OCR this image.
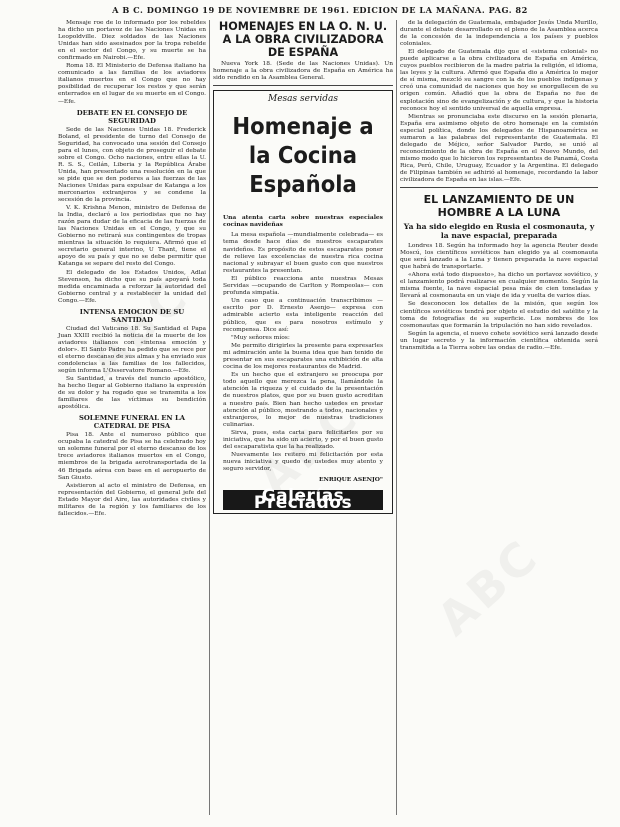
A B C. DOMINGO 19 DE NOVIEMBRE DE 1961. EDICION DE LA MAÑANA. PAG. 82

Mensaje roe de lo informado por los rebeldes ha dicho un portavoz de las Naciones Unidas en Leopoldville. Diez soldados de las Naciones Unidas han sido asesinados por la tropa rebelde en el sector del Congo, y su muerte se ha confirmado en Nairobi.—Efe.

Roma 18. El Ministerio de Defensa italiano ha comunicado a las familias de los aviadores italianos muertos en el Congo que no hay posibilidad de recuperar los restos y que serán enterrados en el lugar de su muerte en el Congo.—Efe.

DEBATE EN EL CONSEJO DE SEGURIDAD

Sede de las Naciones Unidas 18. Frederick Boland, el presidente de turno del Consejo de Seguridad, ha convocado una sesión del Consejo para el lunes, con objeto de proseguir el debate sobre el Congo. Ocho naciones, entre ellas la U. R. S. S., Ceilán, Liberia y la República Árabe Unida, han presentado una resolución en la que se pide que se den poderes a las fuerzas de las Naciones Unidas para expulsar de Katanga a los mercenarios extranjeros y se condene la secesión de la provincia.

V. K. Krishna Menon, ministro de Defensa de la India, declaró a los periodistas que no hay razón para dudar de la eficacia de las fuerzas de las Naciones Unidas en el Congo, y que su Gobierno no retirará sus contingentes de tropas mientras la situación lo requiera. Afirmó que el secretario general interino, U Thant, tiene el apoyo de su país y que no se debe permitir que Katanga se separe del resto del Congo.

El delegado de los Estados Unidos, Adlai Stevenson, ha dicho que su país apoyará toda medida encaminada a reforzar la autoridad del Gobierno central y a restablecer la unidad del Congo.—Efe.

INTENSA EMOCION DE SU SANTIDAD

Ciudad del Vaticano 18. Su Santidad el Papa Juan XXIII recibió la noticia de la muerte de los aviadores italianos con «intensa emoción y dolor». El Santo Padre ha pedido que se rece por el eterno descanso de sus almas y ha enviado sus condolencias a las familias de los fallecidos, según informa L'Osservatore Romano.—Efe.

Su Santidad, a través del nuncio apostólico, ha hecho llegar al Gobierno italiano la expresión de su dolor y ha rogado que se transmita a los familiares de las víctimas su bendición apostólica.

SOLEMNE FUNERAL EN LA CATEDRAL DE PISA

Pisa 18. Ante el numeroso público que ocupaba la catedral de Pisa se ha celebrado hoy un solemne funeral por el eterno descanso de los trece aviadores italianos muertos en el Congo, miembros de la brigada aerotransportada de la 46 Brigada aérea con base en el aeropuerto de San Giusto.

Asistieron al acto el ministro de Defensa, en representación del Gobierno, el general jefe del Estado Mayor del Aire, las autoridades civiles y militares de la región y los familiares de los fallecidos.—Efe.

HOMENAJES EN LA O. N. U. A LA OBRA CIVILIZADORA DE ESPAÑA

Nueva York 18. (Sede de las Naciones Unidas). Un homenaje a la obra civilizadora de España en América ha sido rendido en la Asamblea General.

Mesas servidas
Homenaje a la Cocina Española

Una atenta carta sobre nuestras especiales cocinas navideñas

La mesa española —mundialmente celebrada— es tema desde hace días de nuestros escaparates navideños. Es propósito de estos escaparates poner de relieve las excelencias de nuestra rica cocina nacional y subrayar el buen gusto con que nuestros restaurantes la presentan.

El público reacciona ante nuestras Mesas Servidas —ocupando de Carlton y Rompeolas— con profunda simpatía.

Un caso que a continuación transcribimos —escrito por D. Ernesto Asenjo— expresa con admirable acierto esta inteligente reacción del público, que es para nosotros estímulo y recompensa. Dice así:

"Muy señores míos:

Me permito dirigirles la presente para expresarles mi admiración ante la buena idea que han tenido de presentar en sus escaparates una exhibición de alta cocina de los mejores restaurantes de Madrid.

Es un hecho que el extranjero se preocupa por todo aquello que merezca la pena, llamándole la atención la riqueza y el cuidado de la presentación de nuestros platos, que por su buen gusto acreditan a nuestro país. Bien han hecho ustedes en prestar atención al público, mostrando a todos, nacionales y extranjeros, lo mejor de nuestras tradiciones culinarias.

Sirva, pues, esta carta para felicitarles por su iniciativa, que ha sido un acierto, y por el buen gusto del escaparatista que la ha realizado.

Nuevamente les reitero mi felicitación por esta nueva iniciativa y quedo de ustedes muy atento y seguro servidor,

ENRIQUE ASENJO"
Galerías Preciados

de la delegación de Guatemala, embajador Jesús Unda Murillo, durante el debate desarrollado en el pleno de la Asamblea acerca de la concesión de la independencia a los países y pueblos coloniales.

El delegado de Guatemala dijo que el «sistema colonial» no puede aplicarse a la obra civilizadora de España en América, cuyos pueblos recibieron de la madre patria la religión, el idioma, las leyes y la cultura. Afirmó que España dio a América lo mejor de sí misma, mezcló su sangre con la de los pueblos indígenas y creó una comunidad de naciones que hoy se enorgullecen de su origen común. Añadió que la obra de España no fue de explotación sino de evangelización y de cultura, y que la historia reconoce hoy el sentido universal de aquella empresa.

Mientras se pronunciaba este discurso en la sesión plenaria, España era asimismo objeto de otro homenaje en la comisión especial política, donde los delegados de Hispanoamérica se sumaron a las palabras del representante de Guatemala. El delegado de Méjico, señor Salvador Pardo, se unió al reconocimiento de la obra de España en el Nuevo Mundo, del mismo modo que lo hicieron los representantes de Panamá, Costa Rica, Perú, Chile, Uruguay, Ecuador y la Argentina. El delegado de Filipinas también se adhirió al homenaje, recordando la labor civilizadora de España en las islas.—Efe.

EL LANZAMIENTO DE UN HOMBRE A LA LUNA
Ya ha sido elegido en Rusia el cosmonauta, y la nave espacial, preparada

Londres 18. Según ha informado hoy la agencia Reuter desde Moscú, los científicos soviéticos han elegido ya al cosmonauta que será lanzado a la Luna y tienen preparada la nave espacial que habrá de transportarle.

«Ahora está todo dispuesto», ha dicho un portavoz soviético, y el lanzamiento podrá realizarse en cualquier momento. Según la misma fuente, la nave espacial pesa más de cien toneladas y llevará al cosmonauta en un viaje de ida y vuelta de varios días.

Se desconocen los detalles de la misión, que según los científicos soviéticos tendrá por objeto el estudio del satélite y la toma de fotografías de su superficie. Los nombres de los cosmonautas que formarán la tripulación no han sido revelados.

Según la agencia, el nuevo cohete soviético será lanzado desde un lugar secreto y la información científica obtenida será transmitida a la Tierra sobre las ondas de radio.—Efe.
